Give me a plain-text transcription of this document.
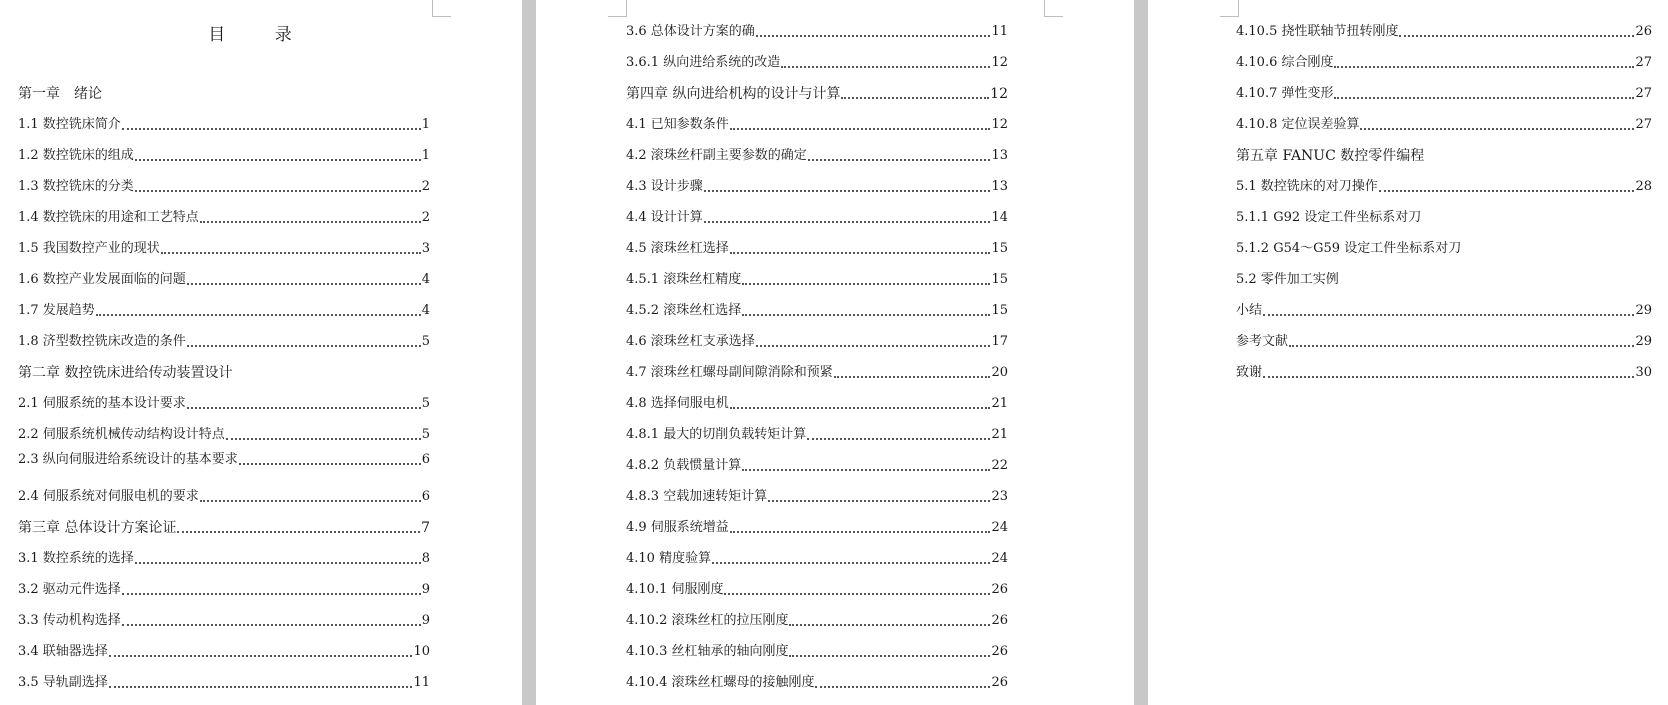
目 录
第一章　绪论
1.1 数控铣床简介	1
1.2 数控铣床的组成	1
1.3 数控铣床的分类	2
1.4 数控铣床的用途和工艺特点	2
1.5 我国数控产业的现状	3
1.6 数控产业发展面临的问题	4
1.7 发展趋势	4
1.8 济型数控铣床改造的条件	5
第二章 数控铣床进给传动装置设计
2.1 伺服系统的基本设计要求	5
2.2 伺服系统机械传动结构设计特点	5
2.3 纵向伺服进给系统设计的基本要求	6
2.4 伺服系统对伺服电机的要求	6
第三章 总体设计方案论证	7
3.1 数控系统的选择	8
3.2 驱动元件选择	9
3.3 传动机构选择	9
3.4 联轴器选择	10
3.5 导轨副选择	11
3.6 总体设计方案的确	11
3.6.1 纵向进给系统的改造	12
第四章 纵向进给机构的设计与计算	12
4.1 已知参数条件	12
4.2 滚珠丝杆副主要参数的确定	13
4.3 设计步骤	13
4.4 设计计算	14
4.5 滚珠丝杠选择	15
4.5.1 滚珠丝杠精度	15
4.5.2 滚珠丝杠选择	15
4.6 滚珠丝杠支承选择	17
4.7 滚珠丝杠螺母副间隙消除和预紧	20
4.8 选择伺服电机	21
4.8.1 最大的切削负载转矩计算	21
4.8.2 负载惯量计算	22
4.8.3 空载加速转矩计算	23
4.9 伺服系统增益	24
4.10 精度验算	24
4.10.1 伺服刚度	26
4.10.2 滚珠丝杠的拉压刚度	26
4.10.3 丝杠轴承的轴向刚度	26
4.10.4 滚珠丝杠螺母的接触刚度	26
4.10.5 挠性联轴节扭转刚度	26
4.10.6 综合刚度	27
4.10.7 弹性变形	27
4.10.8 定位误差验算	27
第五章 FANUC 数控零件编程
5.1 数控铣床的对刀操作	28
5.1.1 G92 设定工件坐标系对刀
5.1.2 G54～G59 设定工件坐标系对刀
5.2 零件加工实例
小结	29
参考文献	29
致谢	30
